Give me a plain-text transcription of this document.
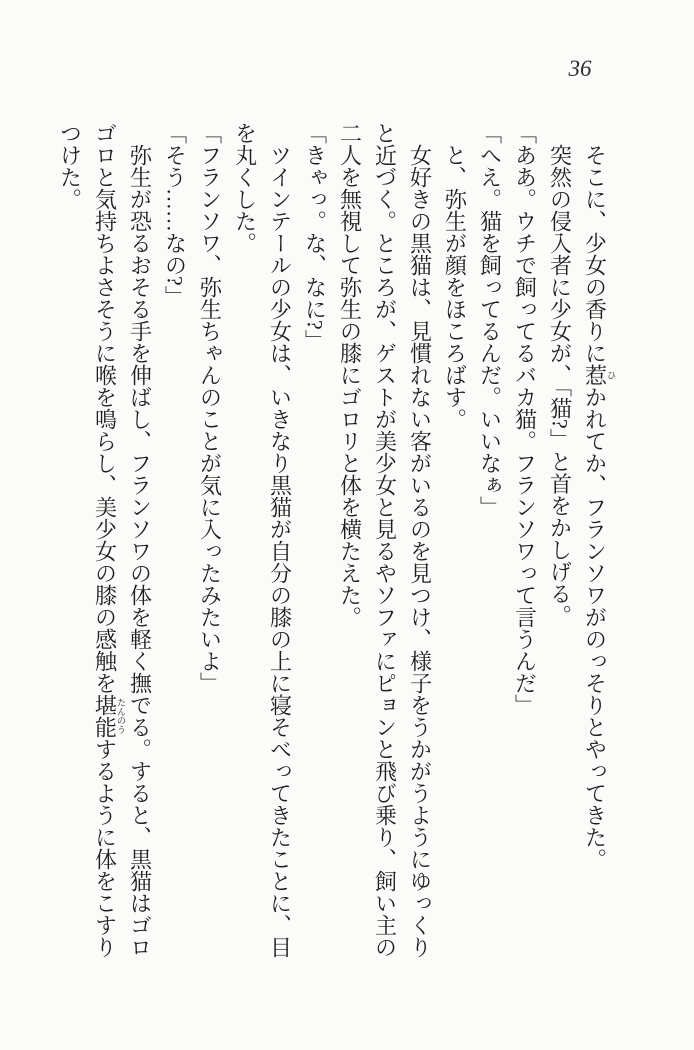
36

そこに、少女の香りに惹ひかれてか、フランソワがのっそりとやってきた。

突然の侵入者に少女が、「猫?」と首をかしげる。

「ああ。ウチで飼ってるバカ猫。フランソワって言うんだ」

「へえ。猫を飼ってるんだ。いいなぁ」

と、弥生が顔をほころばす。

女好きの黒猫は、見慣れない客がいるのを見つけ、様子をうかがうようにゆっくりと近づく。ところが、ゲストが美少女と見るやソファにピョンと飛び乗り、飼い主の二人を無視して弥生の膝にゴロリと体を横たえた。

「きゃっ。な、なに?」

ツインテールの少女は、いきなり黒猫が自分の膝の上に寝そべってきたことに、目を丸くした。

「フランソワ、弥生ちゃんのことが気に入ったみたいよ」

「そう……なの?」

弥生が恐るおそる手を伸ばし、フランソワの体を軽く撫でる。すると、黒猫はゴロゴロと気持ちよさそうに喉を鳴らし、美少女の膝の感触を堪能たんのうするように体をこすりつけた。
